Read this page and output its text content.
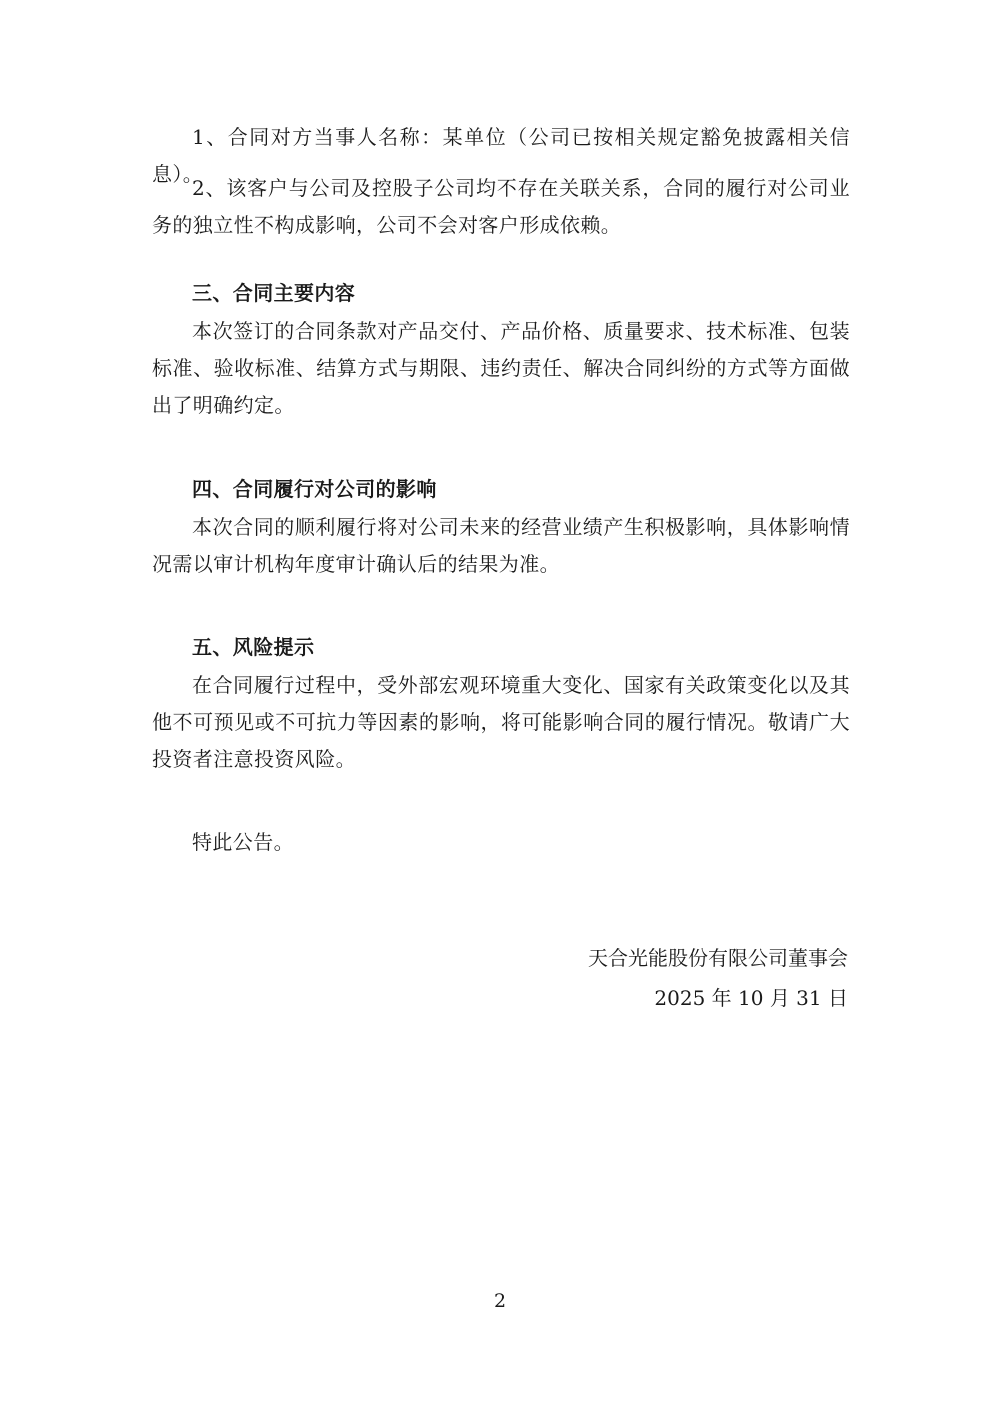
1、合同对方当事人名称：某单位（公司已按相关规定豁免披露相关信息）。

2、该客户与公司及控股子公司均不存在关联关系，合同的履行对公司业务的独立性不构成影响，公司不会对客户形成依赖。

三、合同主要内容

本次签订的合同条款对产品交付、产品价格、质量要求、技术标准、包装标准、验收标准、结算方式与期限、违约责任、解决合同纠纷的方式等方面做出了明确约定。

四、合同履行对公司的影响

本次合同的顺利履行将对公司未来的经营业绩产生积极影响，具体影响情况需以审计机构年度审计确认后的结果为准。

五、风险提示

在合同履行过程中，受外部宏观环境重大变化、国家有关政策变化以及其他不可预见或不可抗力等因素的影响，将可能影响合同的履行情况。敬请广大投资者注意投资风险。

特此公告。

天合光能股份有限公司董事会

2025 年 10 月 31 日

2
